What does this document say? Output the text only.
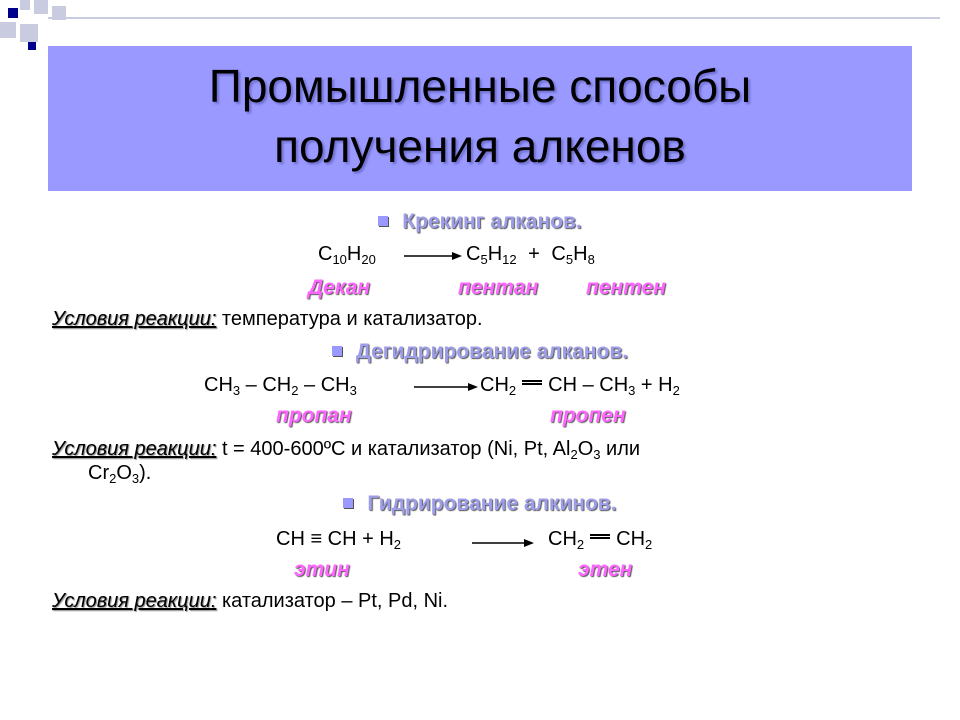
Промышленные способы
получения алкенов
Крекинг алканов.
$C_{10}H_{20} \to C_5H_{12} + C_5H_8$
Декан	пентан пентен
Условия реакции: температура и катализатор.
Дегидрирование алканов.
$CH_3 - CH_2 - CH_3$	→ $CH_2$ CH – $CH_3 + H_2$
пропан	пропен
Условия реакции: t = 400-600ºC и катализатор (Ni, Pt, $Al_2O_3$ или
$Cr_2O_3$).
Гидрирование алкинов.
CH ≡ CH + $H_2$	→ $CH_2$ $CH_2$
этин	этен
Условия реакции: катализатор – Pt, Pd, Ni.
